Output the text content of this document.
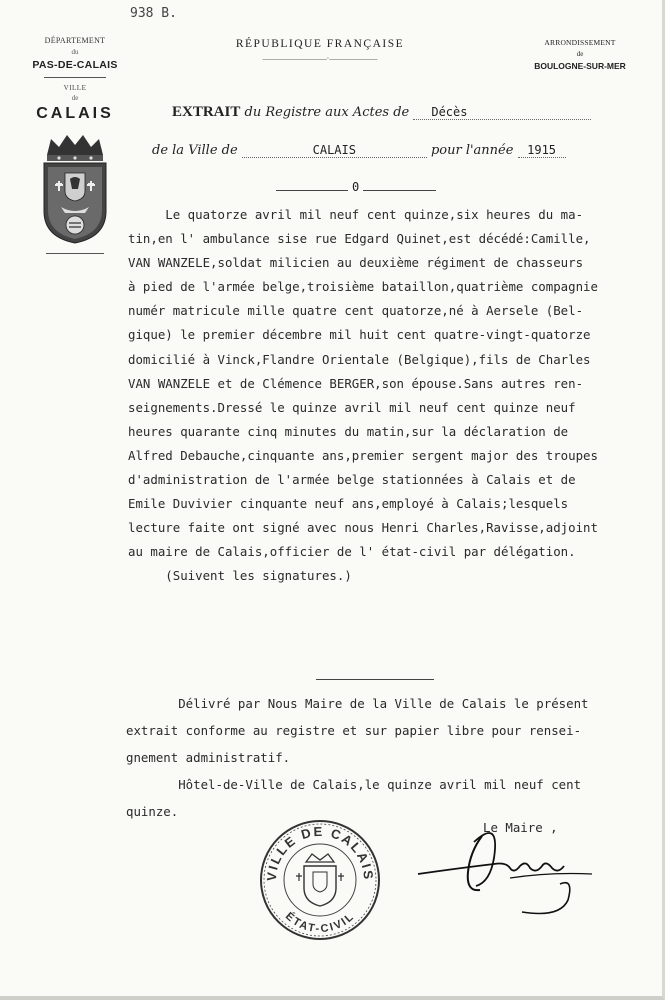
938 B.
DÉPARTEMENT
du
PAS-DE-CALAIS
VILLE
de
CALAIS
RÉPUBLIQUE FRANÇAISE
————————·——————
ARRONDISSEMENT
de
BOULOGNE-SUR-MER
EXTRAIT du Registre aux Actes de Décès
de la Ville de	CALAIS	pour l'année 1915
0
Le quatorze avril mil neuf cent quinze,six heures du ma-
tin,en l' ambulance sise rue Edgard Quinet,est décédé:Camille,
VAN WANZELE,soldat milicien au deuxième régiment de chasseurs
à pied de l'armée belge,troisième bataillon,quatrième compagnie
numér matricule mille quatre cent quatorze,né à Aersele (Bel-
gique) le premier décembre mil huit cent quatre-vingt-quatorze
domicilié à Vinck,Flandre Orientale (Belgique),fils de Charles
VAN WANZELE et de Clémence BERGER,son épouse.Sans autres ren-
seignements.Dressé le quinze avril mil neuf cent quinze neuf
heures quarante cinq minutes du matin,sur la déclaration de
Alfred Debauche,cinquante ans,premier sergent major des troupes
d'administration de l'armée belge stationnées à Calais et de
Emile Duvivier cinquante neuf ans,employé à Calais;lesquels
lecture faite ont signé avec nous Henri Charles,Ravisse,adjoint
au maire de Calais,officier de l' état-civil par délégation.
(Suivent les signatures.)
Délivré par Nous Maire de la Ville de Calais le présent
extrait conforme au registre et sur papier libre pour rensei-
gnement administratif.
Hôtel-de-Ville de Calais,le quinze avril mil neuf cent
quinze.
VILLE DE CALAIS
ÉTAT-CIVIL
Le Maire ,
